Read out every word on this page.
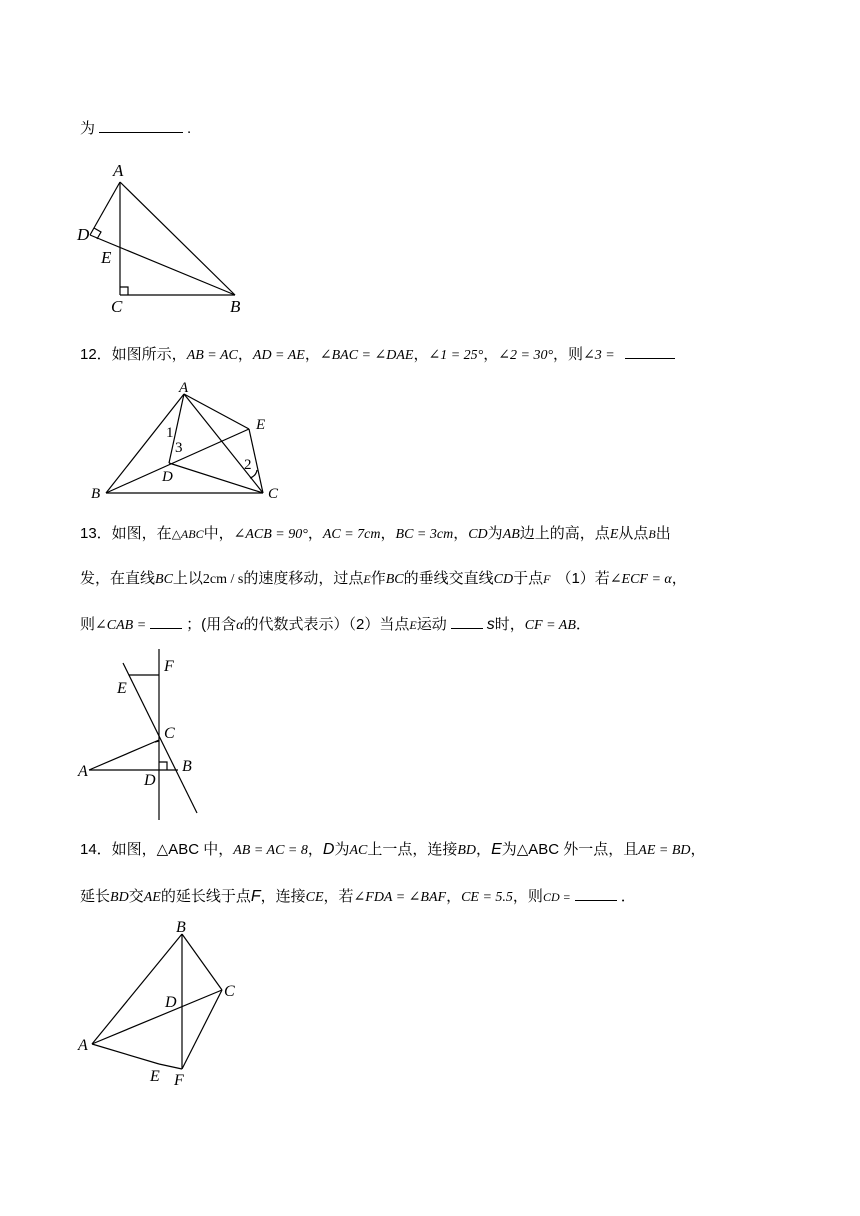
为	.
A
D
E
C	B
12．如图所示，AB = AC，AD = AE，∠BAC = ∠DAE，∠1 = 25°，∠2 = 30°，则∠3 =
A
E
B	C
D
1
3
2
13．如图，在△ABC中，∠ACB = 90°，AC = 7cm，BC = 3cm，CD为AB边上的高，点E从点B出
发，在直线BC上以2cm / s的速度移动，过点E作BC的垂线交直线CD于点F （1）若∠ECF = α，
则∠CAB =	；(用含α的代数式表示）（2）当点E运动	s时，CF = AB．
F
E
C
A
D
B
14．如图，△ABC 中，AB = AC = 8，D为AC上一点，连接BD，E为△ABC 外一点，且AE = BD，
延长BD交AE的延长线于点F，连接CE，若∠FDA = ∠BAF，CE = 5.5，则CD =	．
B
C
D
A
E F
